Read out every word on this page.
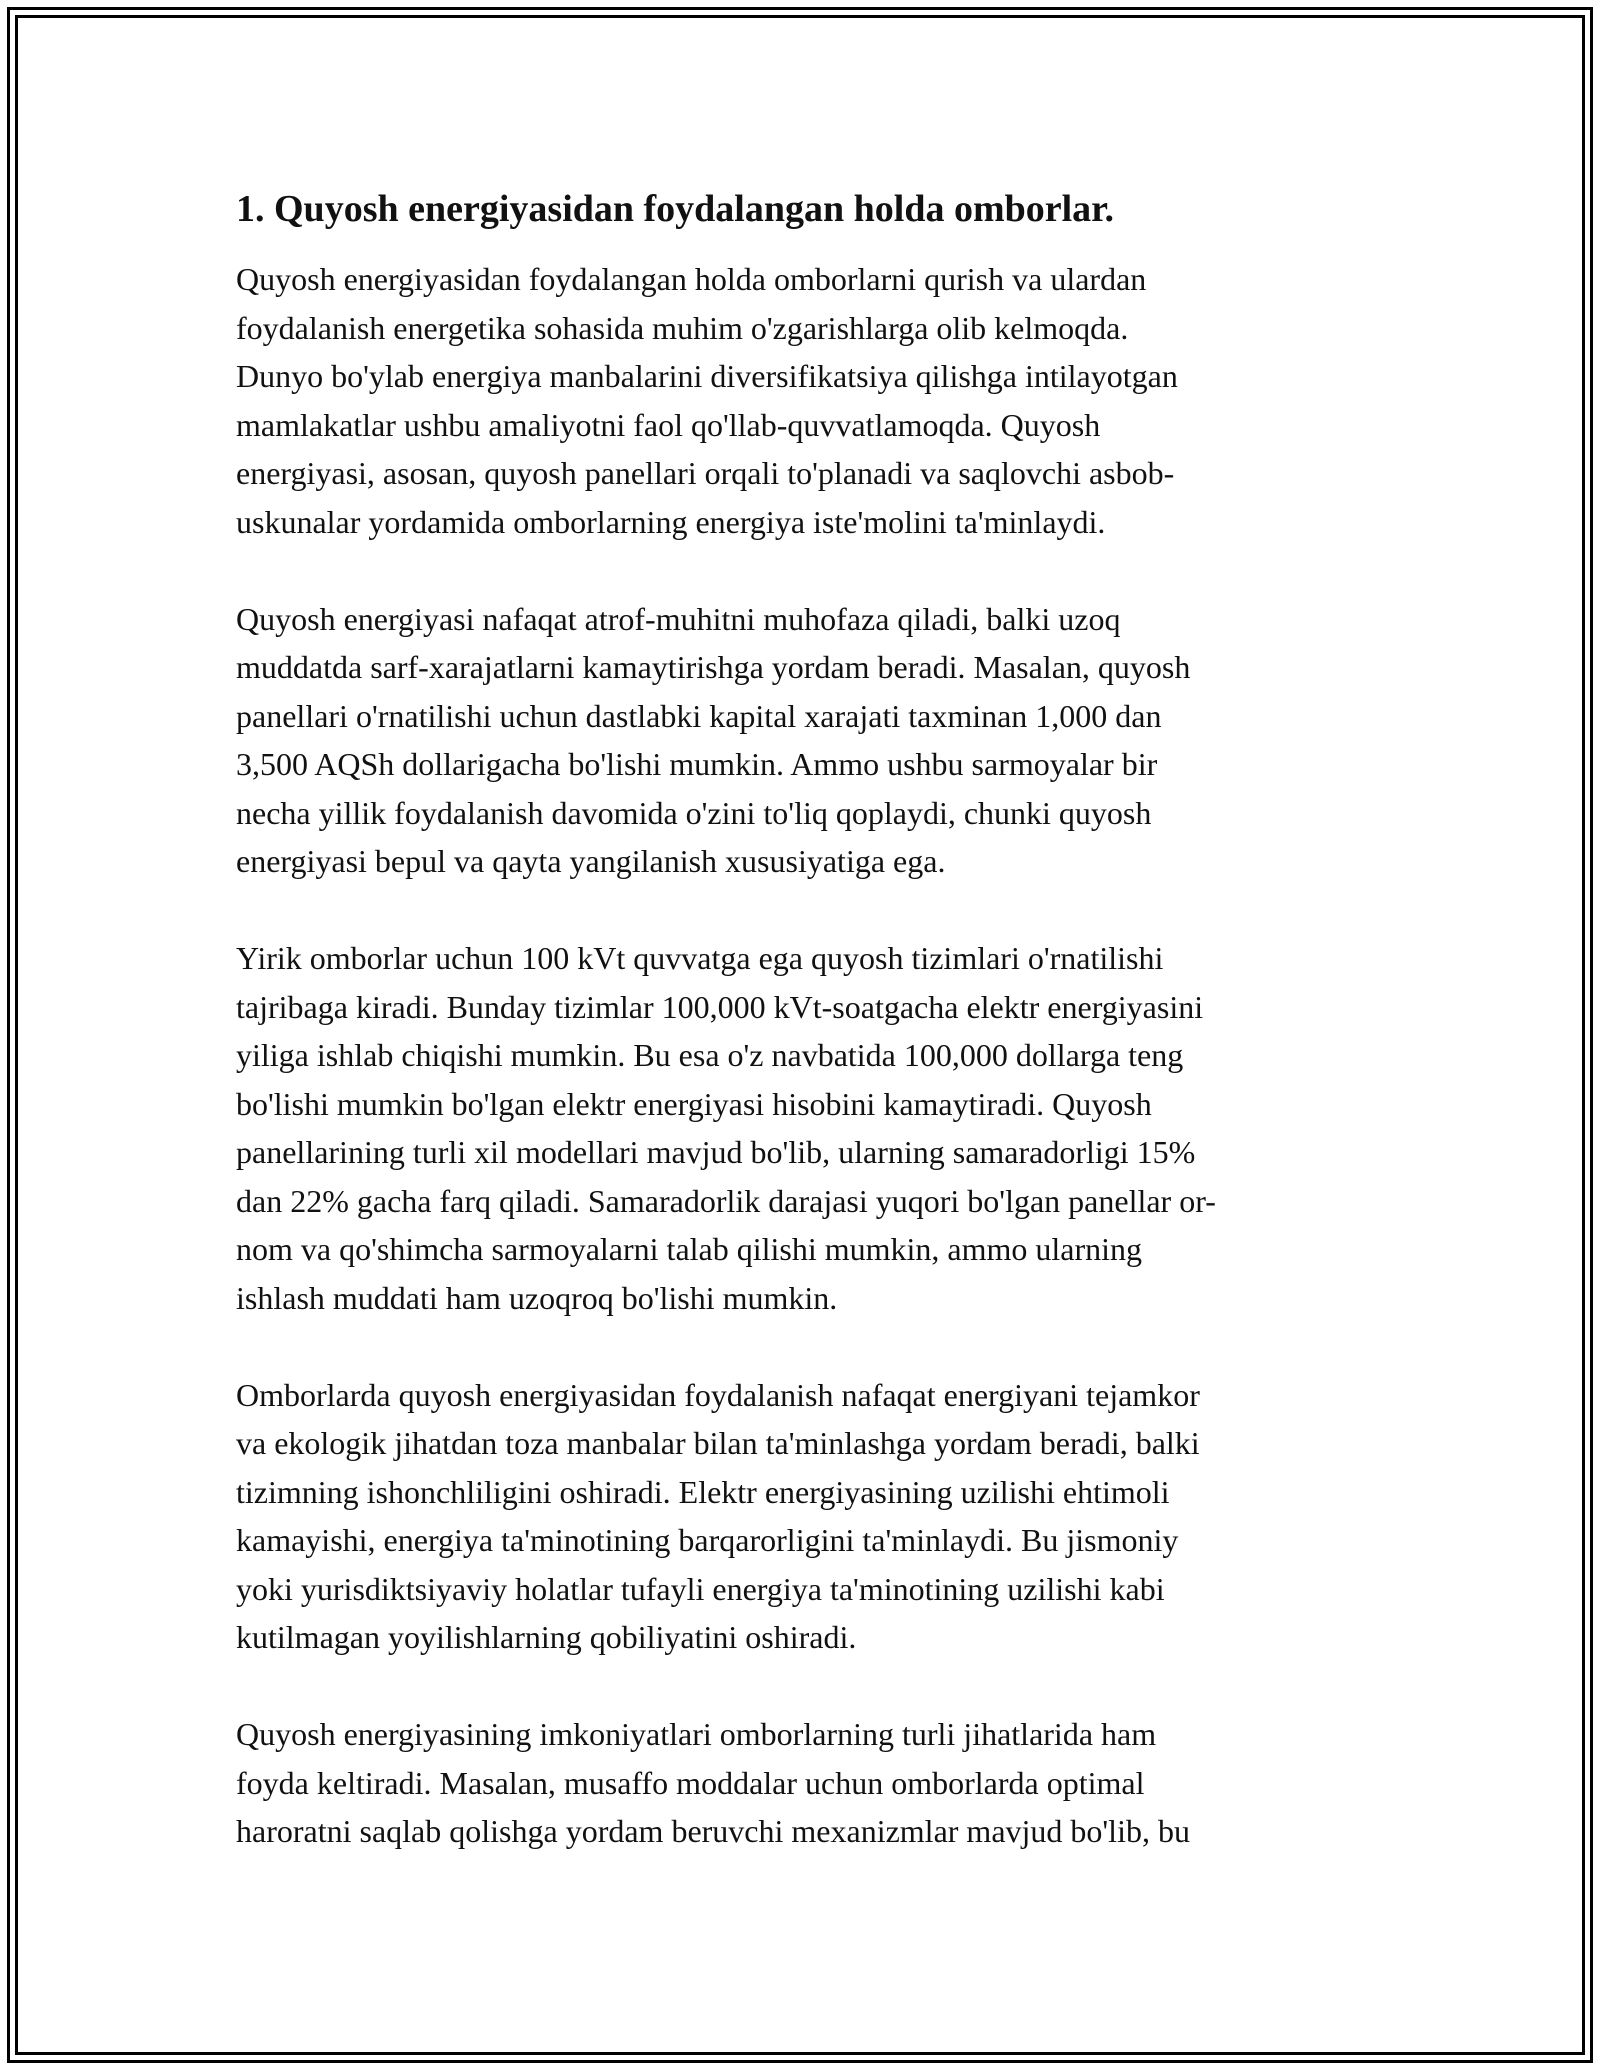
1. Quyosh energiyasidan foydalangan holda omborlar.
Quyosh energiyasidan foydalangan holda omborlarni qurish va ulardan
foydalanish energetika sohasida muhim o'zgarishlarga olib kelmoqda.
Dunyo bo'ylab energiya manbalarini diversifikatsiya qilishga intilayotgan
mamlakatlar ushbu amaliyotni faol qo'llab-quvvatlamoqda. Quyosh
energiyasi, asosan, quyosh panellari orqali to'planadi va saqlovchi asbob-
uskunalar yordamida omborlarning energiya iste'molini ta'minlaydi.
Quyosh energiyasi nafaqat atrof-muhitni muhofaza qiladi, balki uzoq
muddatda sarf-xarajatlarni kamaytirishga yordam beradi. Masalan, quyosh
panellari o'rnatilishi uchun dastlabki kapital xarajati taxminan 1,000 dan
3,500 AQSh dollarigacha bo'lishi mumkin. Ammo ushbu sarmoyalar bir
necha yillik foydalanish davomida o'zini to'liq qoplaydi, chunki quyosh
energiyasi bepul va qayta yangilanish xususiyatiga ega.
Yirik omborlar uchun 100 kVt quvvatga ega quyosh tizimlari o'rnatilishi
tajribaga kiradi. Bunday tizimlar 100,000 kVt-soatgacha elektr energiyasini
yiliga ishlab chiqishi mumkin. Bu esa o'z navbatida 100,000 dollarga teng
bo'lishi mumkin bo'lgan elektr energiyasi hisobini kamaytiradi. Quyosh
panellarining turli xil modellari mavjud bo'lib, ularning samaradorligi 15%
dan 22% gacha farq qiladi. Samaradorlik darajasi yuqori bo'lgan panellar or-
nom va qo'shimcha sarmoyalarni talab qilishi mumkin, ammo ularning
ishlash muddati ham uzoqroq bo'lishi mumkin.
Omborlarda quyosh energiyasidan foydalanish nafaqat energiyani tejamkor
va ekologik jihatdan toza manbalar bilan ta'minlashga yordam beradi, balki
tizimning ishonchliligini oshiradi. Elektr energiyasining uzilishi ehtimoli
kamayishi, energiya ta'minotining barqarorligini ta'minlaydi. Bu jismoniy
yoki yurisdiktsiyaviy holatlar tufayli energiya ta'minotining uzilishi kabi
kutilmagan yoyilishlarning qobiliyatini oshiradi.
Quyosh energiyasining imkoniyatlari omborlarning turli jihatlarida ham
foyda keltiradi. Masalan, musaffo moddalar uchun omborlarda optimal
haroratni saqlab qolishga yordam beruvchi mexanizmlar mavjud bo'lib, bu
